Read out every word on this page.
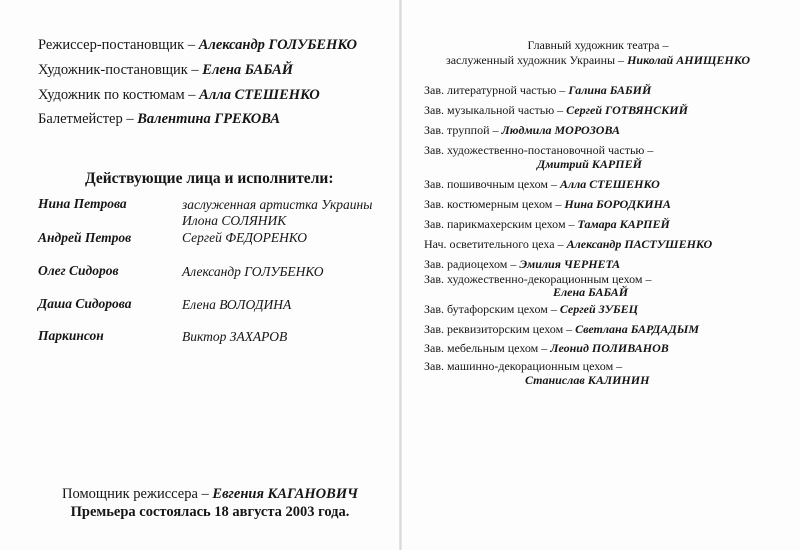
Режиссер-постановщик – Александр ГОЛУБЕНКО
Художник-постановщик – Елена БАБАЙ
Художник по костюмам – Алла СТЕШЕНКО
Балетмейстер – Валентина ГРЕКОВА
Действующие лица и исполнители:
Нина Петрова	заслуженная артистка Украины
Илона СОЛЯНИК
Андрей Петров	Сергей ФЕДОРЕНКО
Олег Сидоров	Александр ГОЛУБЕНКО
Даша Сидорова	Елена ВОЛОДИНА
Паркинсон	Виктор ЗАХАРОВ
Помощник режиссера – Евгения КАГАНОВИЧ
Премьера состоялась 18 августа 2003 года.
Главный художник театра –
заслуженный художник Украины – Николай АНИЩЕНКО
Зав. литературной частью – Галина БАБИЙ
Зав. музыкальной частью – Сергей ГОТВЯНСКИЙ
Зав. труппой – Людмила МОРОЗОВА
Зав. художественно-постановочной частью –
Дмитрий КАРПЕЙ
Зав. пошивочным цехом – Алла СТЕШЕНКО
Зав. костюмерным цехом – Нина БОРОДКИНА
Зав. парикмахерским цехом – Тамара КАРПЕЙ
Нач. осветительного цеха – Александр ПАСТУШЕНКО
Зав. радиоцехом – Эмилия ЧЕРНЕТА
Зав. художественно-декорационным цехом –
Елена БАБАЙ
Зав. бутафорским цехом – Сергей ЗУБЕЦ
Зав. реквизиторским цехом – Светлана БАРДАДЫМ
Зав. мебельным цехом – Леонид ПОЛИВАНОВ
Зав. машинно-декорационным цехом –
Станислав КАЛИНИН
